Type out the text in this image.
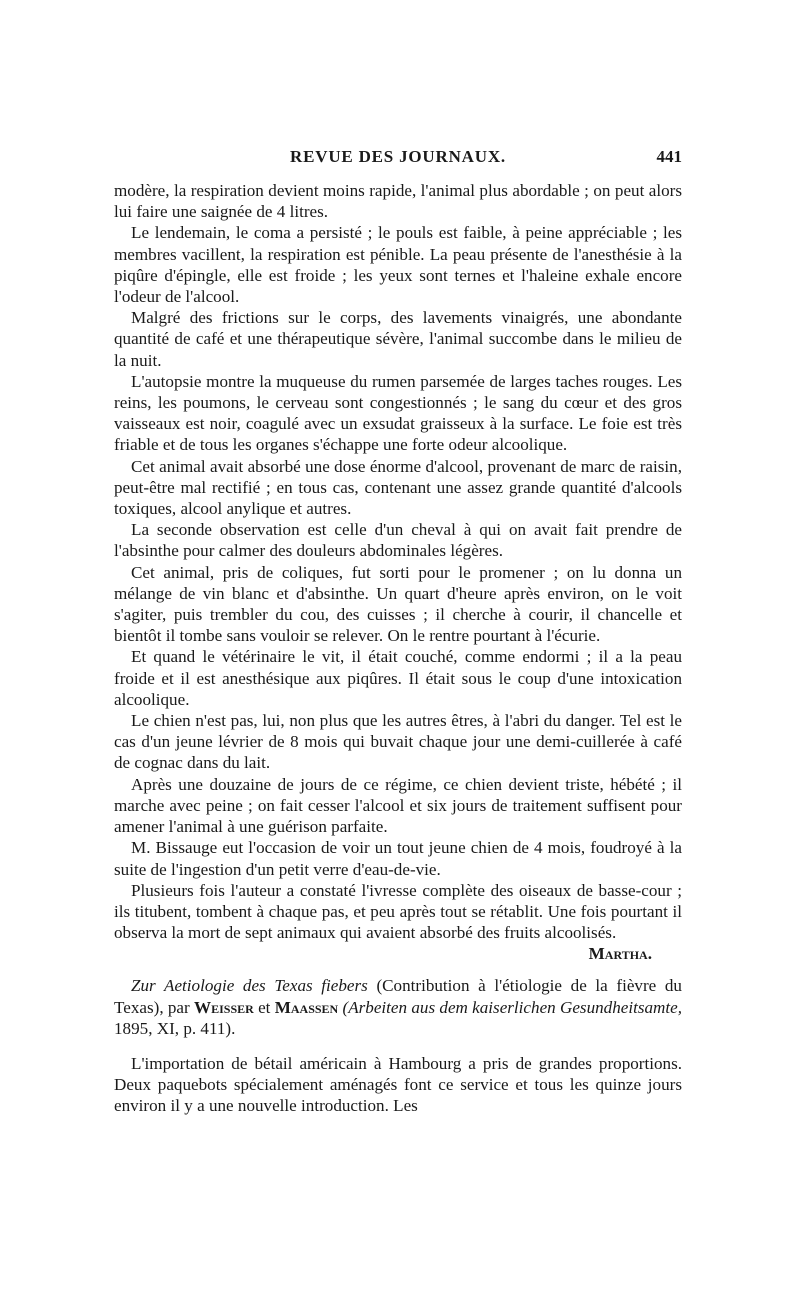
REVUE DES JOURNAUX.	441

modère, la respiration devient moins rapide, l'animal plus abordable ; on peut alors lui faire une saignée de 4 litres.

Le lendemain, le coma a persisté ; le pouls est faible, à peine appréciable ; les membres vacillent, la respiration est pénible. La peau présente de l'anesthésie à la piqûre d'épingle, elle est froide ; les yeux sont ternes et l'haleine exhale encore l'odeur de l'alcool.

Malgré des frictions sur le corps, des lavements vinaigrés, une abondante quantité de café et une thérapeutique sévère, l'animal succombe dans le milieu de la nuit.

L'autopsie montre la muqueuse du rumen parsemée de larges taches rouges. Les reins, les poumons, le cerveau sont congestionnés ; le sang du cœur et des gros vaisseaux est noir, coagulé avec un exsudat graisseux à la surface. Le foie est très friable et de tous les organes s'échappe une forte odeur alcoolique.

Cet animal avait absorbé une dose énorme d'alcool, provenant de marc de raisin, peut-être mal rectifié ; en tous cas, contenant une assez grande quantité d'alcools toxiques, alcool anylique et autres.

La seconde observation est celle d'un cheval à qui on avait fait prendre de l'absinthe pour calmer des douleurs abdominales légères.

Cet animal, pris de coliques, fut sorti pour le promener ; on lu donna un mélange de vin blanc et d'absinthe. Un quart d'heure après environ, on le voit s'agiter, puis trembler du cou, des cuisses ; il cherche à courir, il chancelle et bientôt il tombe sans vouloir se relever. On le rentre pourtant à l'écurie.

Et quand le vétérinaire le vit, il était couché, comme endormi ; il a la peau froide et il est anesthésique aux piqûres. Il était sous le coup d'une intoxication alcoolique.

Le chien n'est pas, lui, non plus que les autres êtres, à l'abri du danger. Tel est le cas d'un jeune lévrier de 8 mois qui buvait chaque jour une demi-cuillerée à café de cognac dans du lait.

Après une douzaine de jours de ce régime, ce chien devient triste, hébété ; il marche avec peine ; on fait cesser l'alcool et six jours de traitement suffisent pour amener l'animal à une guérison parfaite.

M. Bissauge eut l'occasion de voir un tout jeune chien de 4 mois, foudroyé à la suite de l'ingestion d'un petit verre d'eau-de-vie.

Plusieurs fois l'auteur a constaté l'ivresse complète des oiseaux de basse-cour ; ils titubent, tombent à chaque pas, et peu après tout se rétablit. Une fois pourtant il observa la mort de sept animaux qui avaient absorbé des fruits alcoolisés.
Martha.

Zur Aetiologie des Texas fiebers (Contribution à l'étiologie de la fièvre du Texas), par Weisser et Maassen (Arbeiten aus dem kaiserlichen Gesundheitsamte, 1895, XI, p. 411).

L'importation de bétail américain à Hambourg a pris de grandes proportions. Deux paquebots spécialement aménagés font ce service et tous les quinze jours environ il y a une nouvelle introduction. Les
